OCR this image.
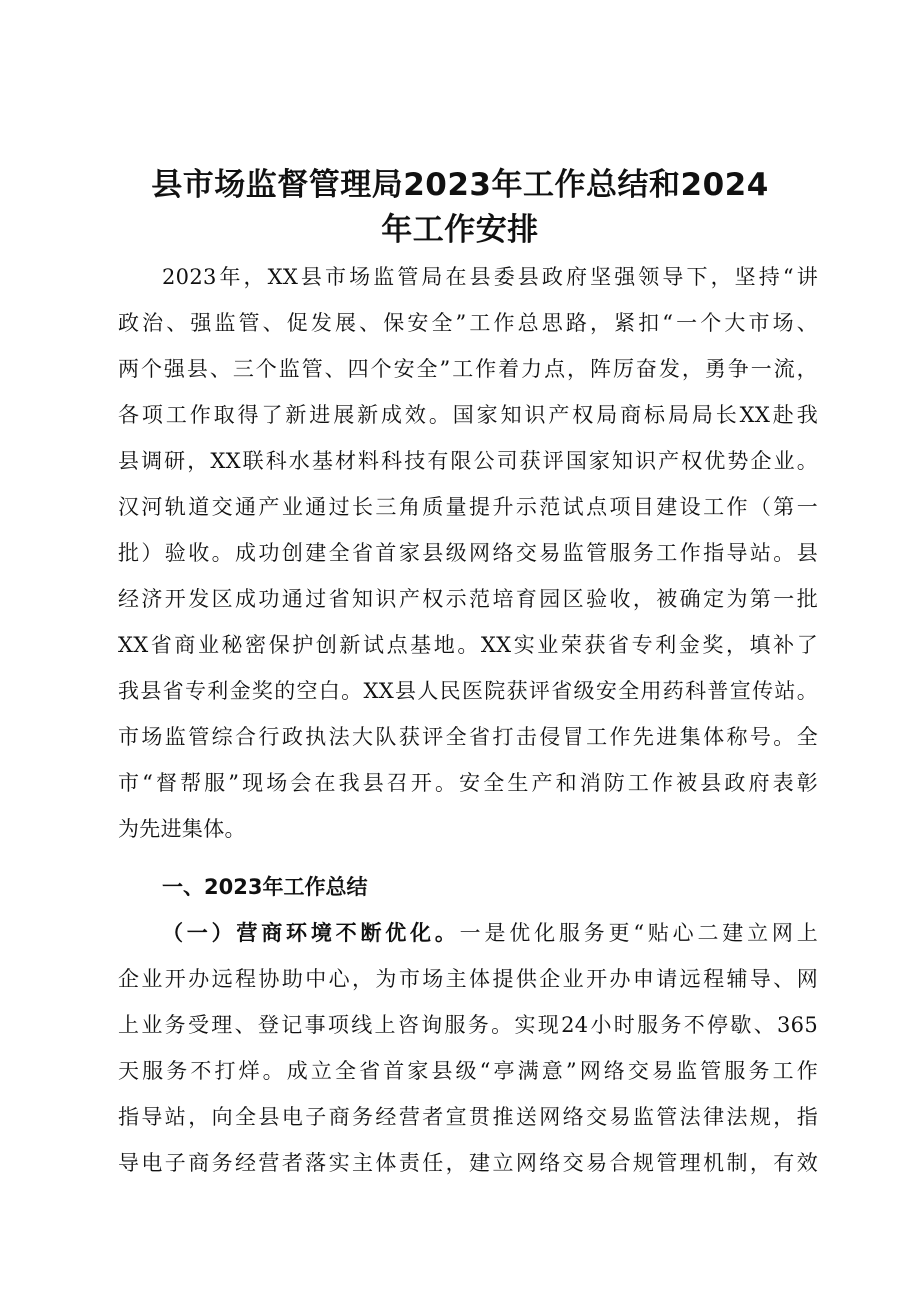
县市场监督管理局2023年工作总结和2024
年工作安排
2023年，XX县市场监管局在县委县政府坚强领导下，坚持“讲
政治、强监管、促发展、保安全”工作总思路，紧扣“一个大市场、
两个强县、三个监管、四个安全”工作着力点，阵厉奋发，勇争一流，
各项工作取得了新进展新成效。国家知识产权局商标局局长XX赴我
县调研，XX联科水基材料科技有限公司获评国家知识产权优势企业。
汉河轨道交通产业通过长三角质量提升示范试点项目建设工作（第一
批）验收。成功创建全省首家县级网络交易监管服务工作指导站。县
经济开发区成功通过省知识产权示范培育园区验收，被确定为第一批
XX省商业秘密保护创新试点基地。XX实业荣获省专利金奖，填补了
我县省专利金奖的空白。XX县人民医院获评省级安全用药科普宣传站。
市场监管综合行政执法大队获评全省打击侵冒工作先进集体称号。全
市“督帮服”现场会在我县召开。安全生产和消防工作被县政府表彰
为先进集体。
一、2023年工作总结
（一）营商环境不断优化。一是优化服务更“贴心二建立网上
企业开办远程协助中心，为市场主体提供企业开办申请远程辅导、网
上业务受理、登记事项线上咨询服务。实现24小时服务不停歇、365
天服务不打烊。成立全省首家县级“亭满意”网络交易监管服务工作
指导站，向全县电子商务经营者宣贯推送网络交易监管法律法规，指
导电子商务经营者落实主体责任，建立网络交易合规管理机制，有效
